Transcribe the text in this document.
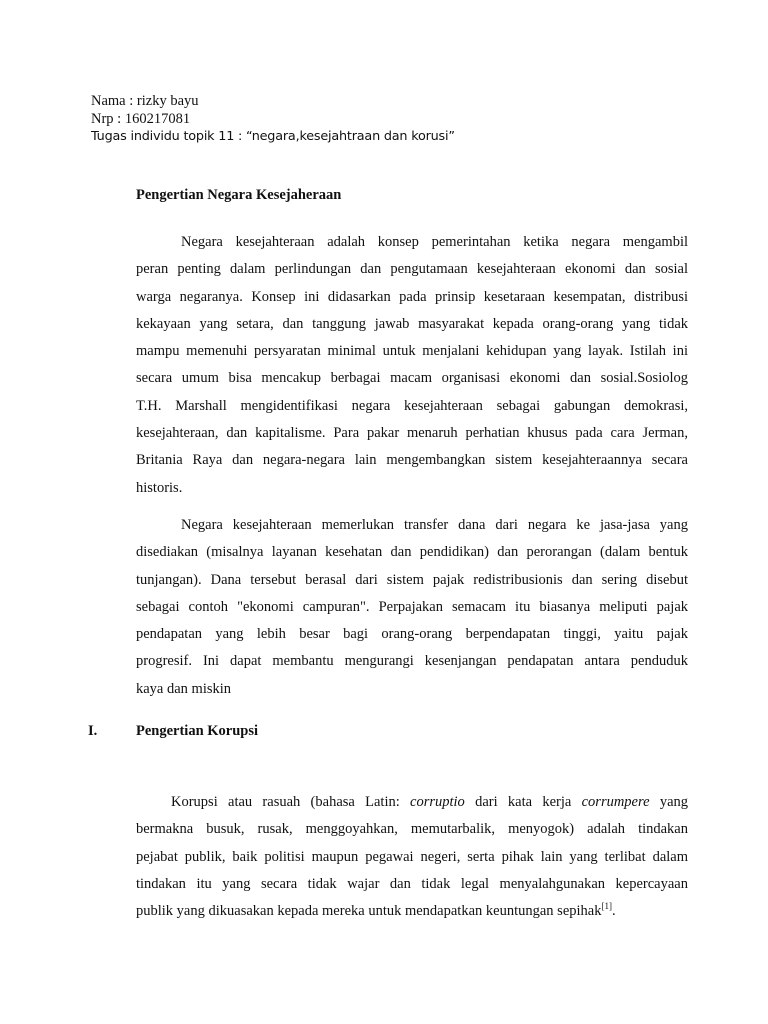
Nama : rizky bayu
Nrp : 160217081
Tugas individu topik 11 : “negara,kesejahtraan dan korusi”
Pengertian Negara Kesejaheraan
Negara kesejahteraan adalah konsep pemerintahan ketika negara mengambil
peran penting dalam perlindungan dan pengutamaan kesejahteraan ekonomi dan sosial
warga negaranya. Konsep ini didasarkan pada prinsip kesetaraan kesempatan, distribusi
kekayaan yang setara, dan tanggung jawab masyarakat kepada orang-orang yang tidak
mampu memenuhi persyaratan minimal untuk menjalani kehidupan yang layak. Istilah ini
secara umum bisa mencakup berbagai macam organisasi ekonomi dan sosial.Sosiolog
T.H. Marshall mengidentifikasi negara kesejahteraan sebagai gabungan demokrasi,
kesejahteraan, dan kapitalisme. Para pakar menaruh perhatian khusus pada cara Jerman,
Britania Raya dan negara-negara lain mengembangkan sistem kesejahteraannya secara
historis.
Negara kesejahteraan memerlukan transfer dana dari negara ke jasa-jasa yang
disediakan (misalnya layanan kesehatan dan pendidikan) dan perorangan (dalam bentuk
tunjangan). Dana tersebut berasal dari sistem pajak redistribusionis dan sering disebut
sebagai contoh "ekonomi campuran". Perpajakan semacam itu biasanya meliputi pajak
pendapatan yang lebih besar bagi orang-orang berpendapatan tinggi, yaitu pajak
progresif. Ini dapat membantu mengurangi kesenjangan pendapatan antara penduduk
kaya dan miskin
I.	Pengertian Korupsi
Korupsi atau rasuah (bahasa Latin: corruptio dari kata kerja corrumpere yang
bermakna busuk, rusak, menggoyahkan, memutarbalik, menyogok) adalah tindakan
pejabat publik, baik politisi maupun pegawai negeri, serta pihak lain yang terlibat dalam
tindakan itu yang secara tidak wajar dan tidak legal menyalahgunakan kepercayaan
publik yang dikuasakan kepada mereka untuk mendapatkan keuntungan sepihak[1].
